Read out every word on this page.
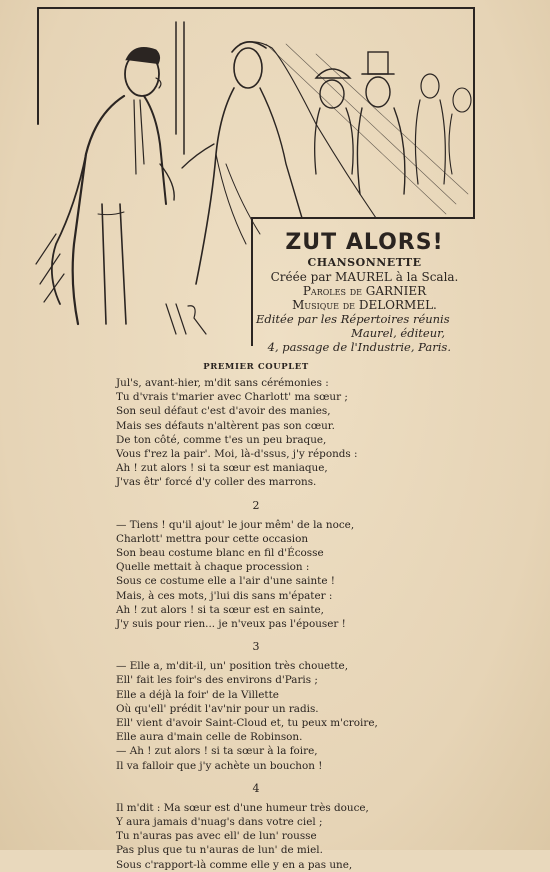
ZUT ALORS!
CHANSONNETTE
Créée par MAUREL à la Scala.
Paroles de GARNIER
Musique de DELORMEL.
Editée par les Répertoires réunis
Maurel, éditeur,
4, passage de l'Industrie, Paris.
PREMIER COUPLET
Jul's, avant-hier, m'dit sans cérémonies :
Tu d'vrais t'marier avec Charlott' ma sœur ;
Son seul défaut c'est d'avoir des manies,
Mais ses défauts n'altèrent pas son cœur.
De ton côté, comme t'es un peu braque,
Vous f'rez la pair'. Moi, là-d'ssus, j'y réponds :
Ah ! zut alors ! si ta sœur est maniaque,
J'vas êtr' forcé d'y coller des marrons.
2
— Tiens ! qu'il ajout' le jour mêm' de la noce,
Charlott' mettra pour cette occasion
Son beau costume blanc en fil d'Écosse
Quelle mettait à chaque procession :
Sous ce costume elle a l'air d'une sainte !
Mais, à ces mots, j'lui dis sans m'épater :
Ah ! zut alors ! si ta sœur est en sainte,
J'y suis pour rien... je n'veux pas l'épouser !
3
— Elle a, m'dit-il, un' position très chouette,
Ell' fait les foir's des environs d'Paris ;
Elle a déjà la foir' de la Villette
Où qu'ell' prédit l'av'nir pour un radis.
Ell' vient d'avoir Saint-Cloud et, tu peux m'croire,
Elle aura d'main celle de Robinson.
— Ah ! zut alors ! si ta sœur à la foire,
Il va falloir que j'y achète un bouchon !
4
Il m'dit : Ma sœur est d'une humeur très douce,
Y aura jamais d'nuag's dans votre ciel ;
Tu n'auras pas avec ell' de lun' rousse
Pas plus que tu n'auras de lun' de miel.
Sous c'rapport-là comme elle y en a pas une,
